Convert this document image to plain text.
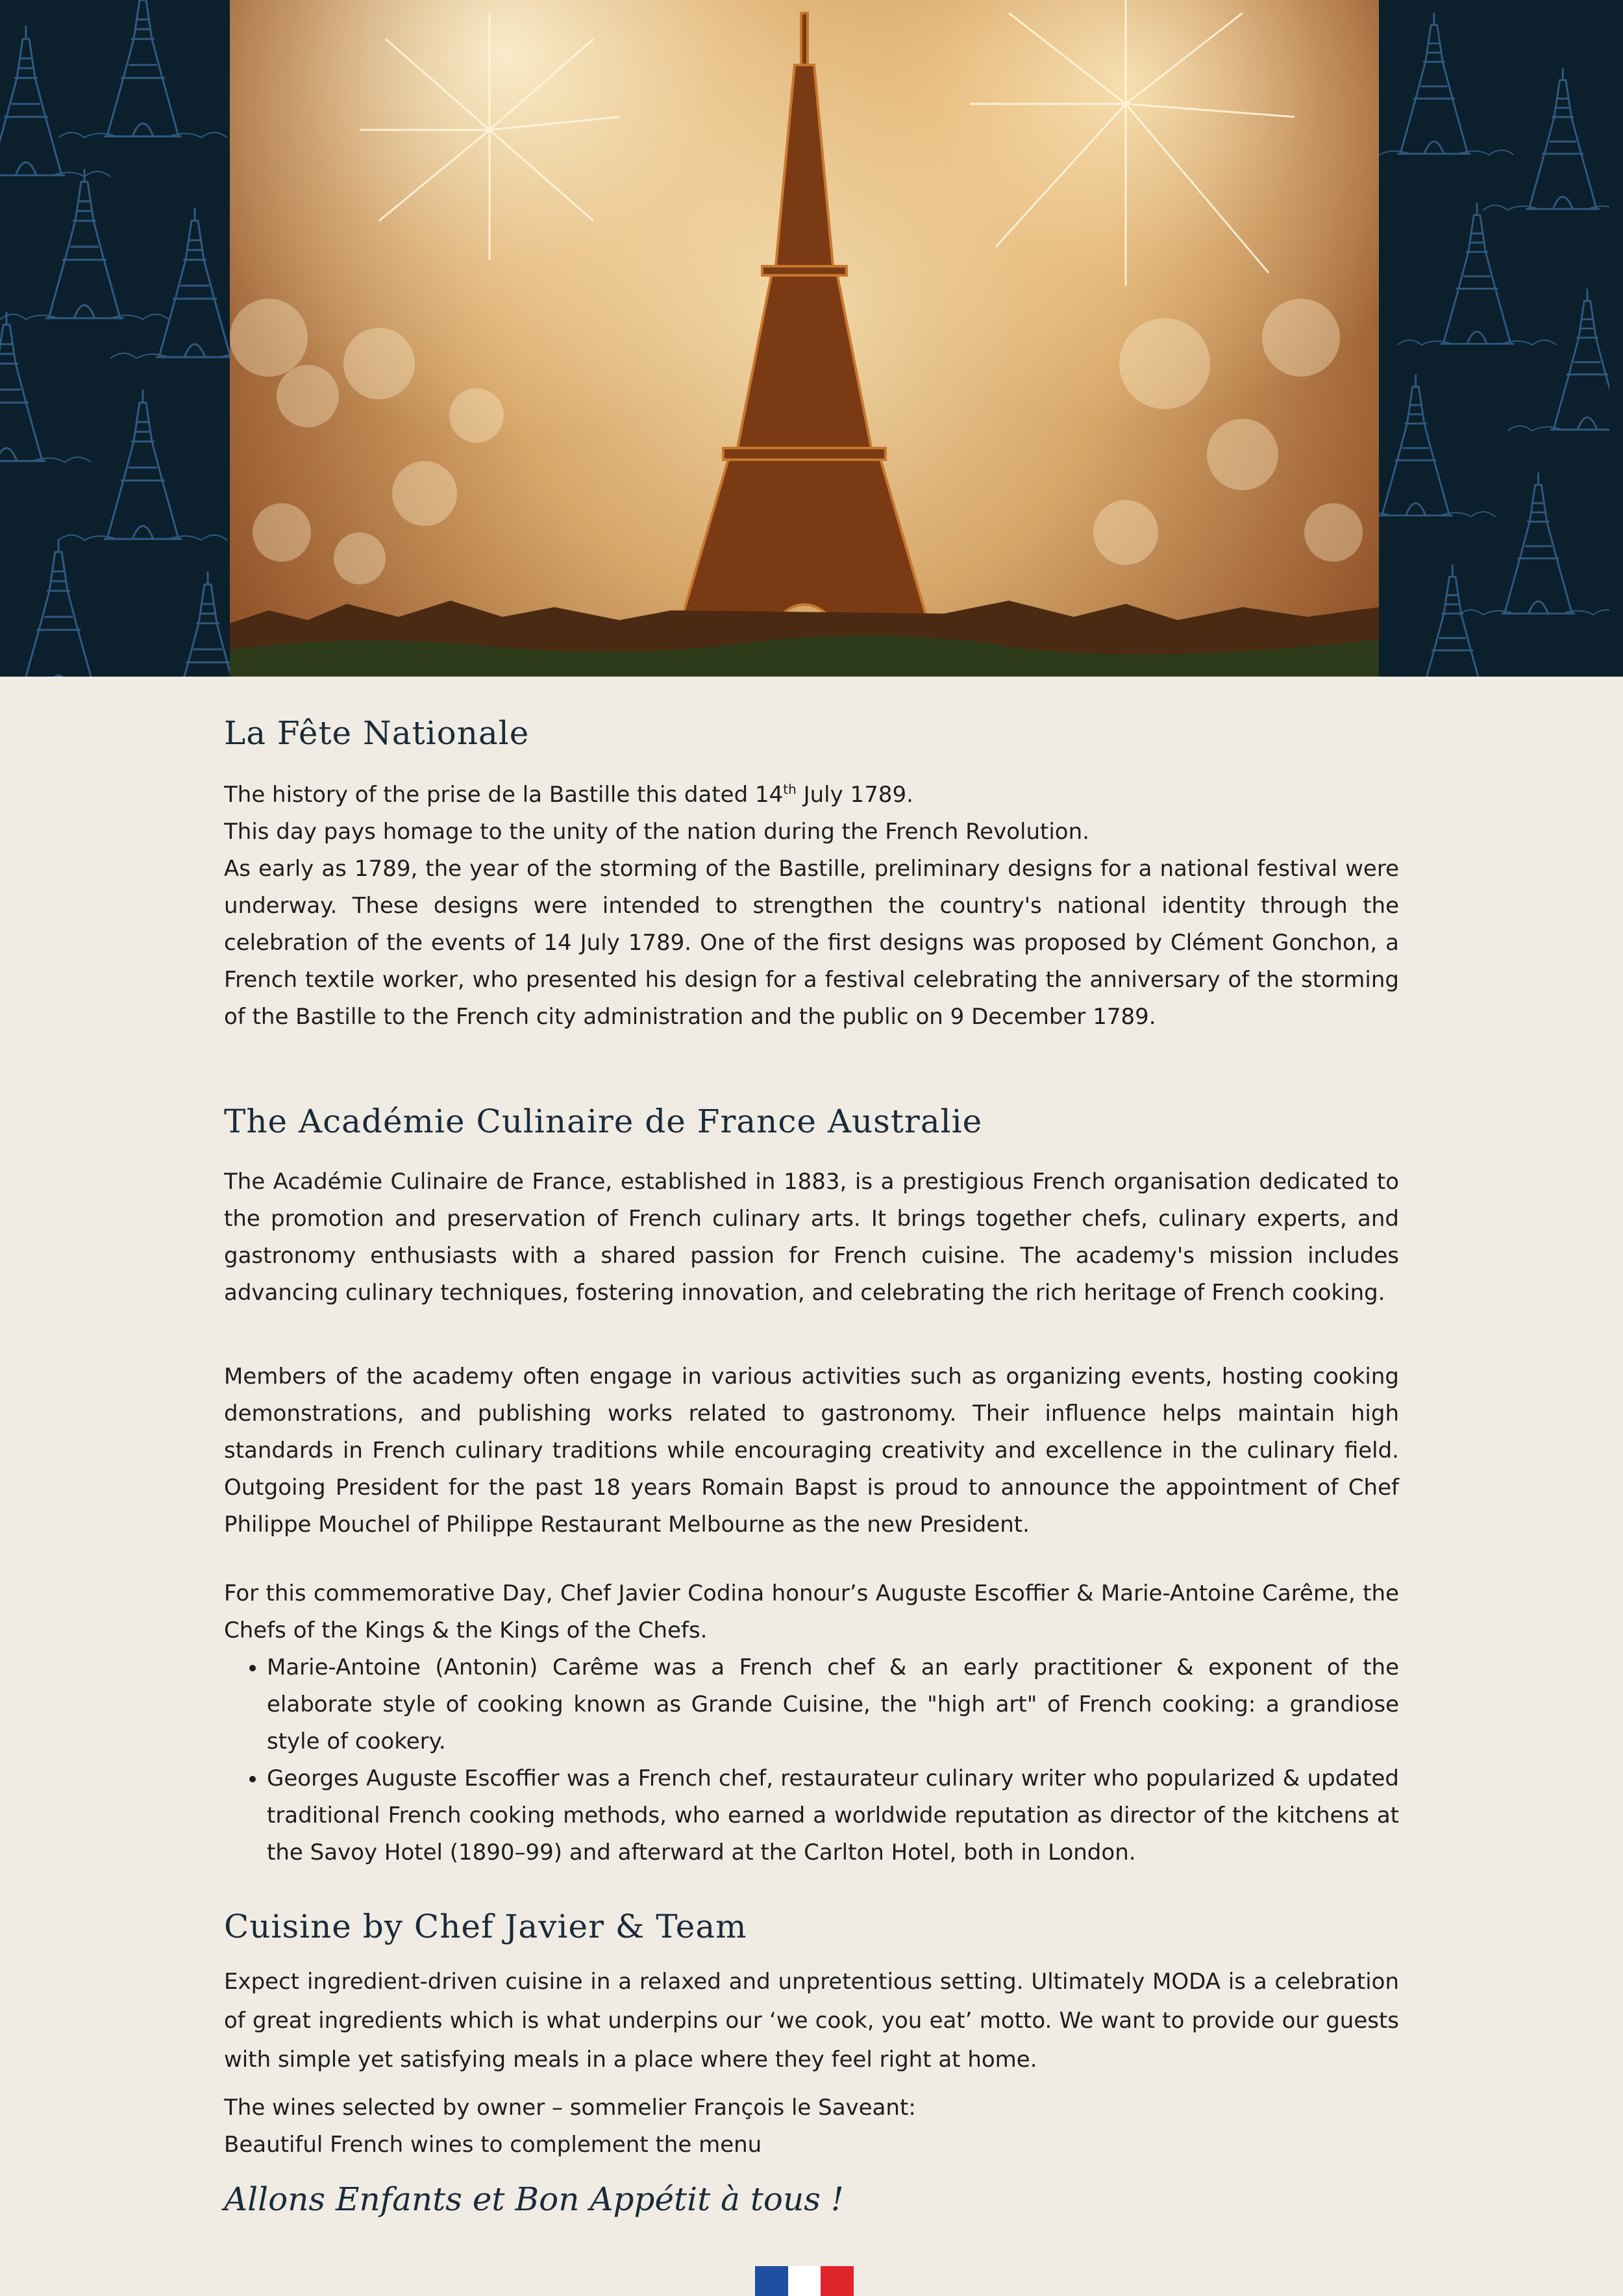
La Fête Nationale

The history of the prise de la Bastille this dated 14th July 1789.

This day pays homage to the unity of the nation during the French Revolution.

As early as 1789, the year of the storming of the Bastille, preliminary designs for a national festival were underway. These designs were intended to strengthen the country's national identity through the celebration of the events of 14 July 1789. One of the first designs was proposed by Clément Gonchon, a French textile worker, who presented his design for a festival celebrating the anniversary of the storming of the Bastille to the French city administration and the public on 9 December 1789.

The Académie Culinaire de France Australie

The Académie Culinaire de France, established in 1883, is a prestigious French organisation dedicated to the promotion and preservation of French culinary arts. It brings together chefs, culinary experts, and gastronomy enthusiasts with a shared passion for French cuisine. The academy's mission includes advancing culinary techniques, fostering innovation, and celebrating the rich heritage of French cooking.

Members of the academy often engage in various activities such as organizing events, hosting cooking demonstrations, and publishing works related to gastronomy. Their influence helps maintain high standards in French culinary traditions while encouraging creativity and excellence in the culinary field. Outgoing President for the past 18 years Romain Bapst is proud to announce the appointment of Chef Philippe Mouchel of Philippe Restaurant Melbourne as the new President.

For this commemorative Day, Chef Javier Codina honour’s Auguste Escoffier & Marie-Antoine Carême, the Chefs of the Kings & the Kings of the Chefs.

• Marie-Antoine (Antonin) Carême was a French chef & an early practitioner & exponent of the elaborate style of cooking known as Grande Cuisine, the "high art" of French cooking: a grandiose style of cookery.
• Georges Auguste Escoffier was a French chef, restaurateur culinary writer who popularized & updated traditional French cooking methods, who earned a worldwide reputation as director of the kitchens at the Savoy Hotel (1890–99) and afterward at the Carlton Hotel, both in London.
Cuisine by Chef Javier & Team

Expect ingredient-driven cuisine in a relaxed and unpretentious setting. Ultimately MODA is a celebration of great ingredients which is what underpins our ‘we cook, you eat’ motto. We want to provide our guests with simple yet satisfying meals in a place where they feel right at home.

The wines selected by owner – sommelier François le Saveant:

Beautiful French wines to complement the menu

Allons Enfants et Bon Appétit à tous !
